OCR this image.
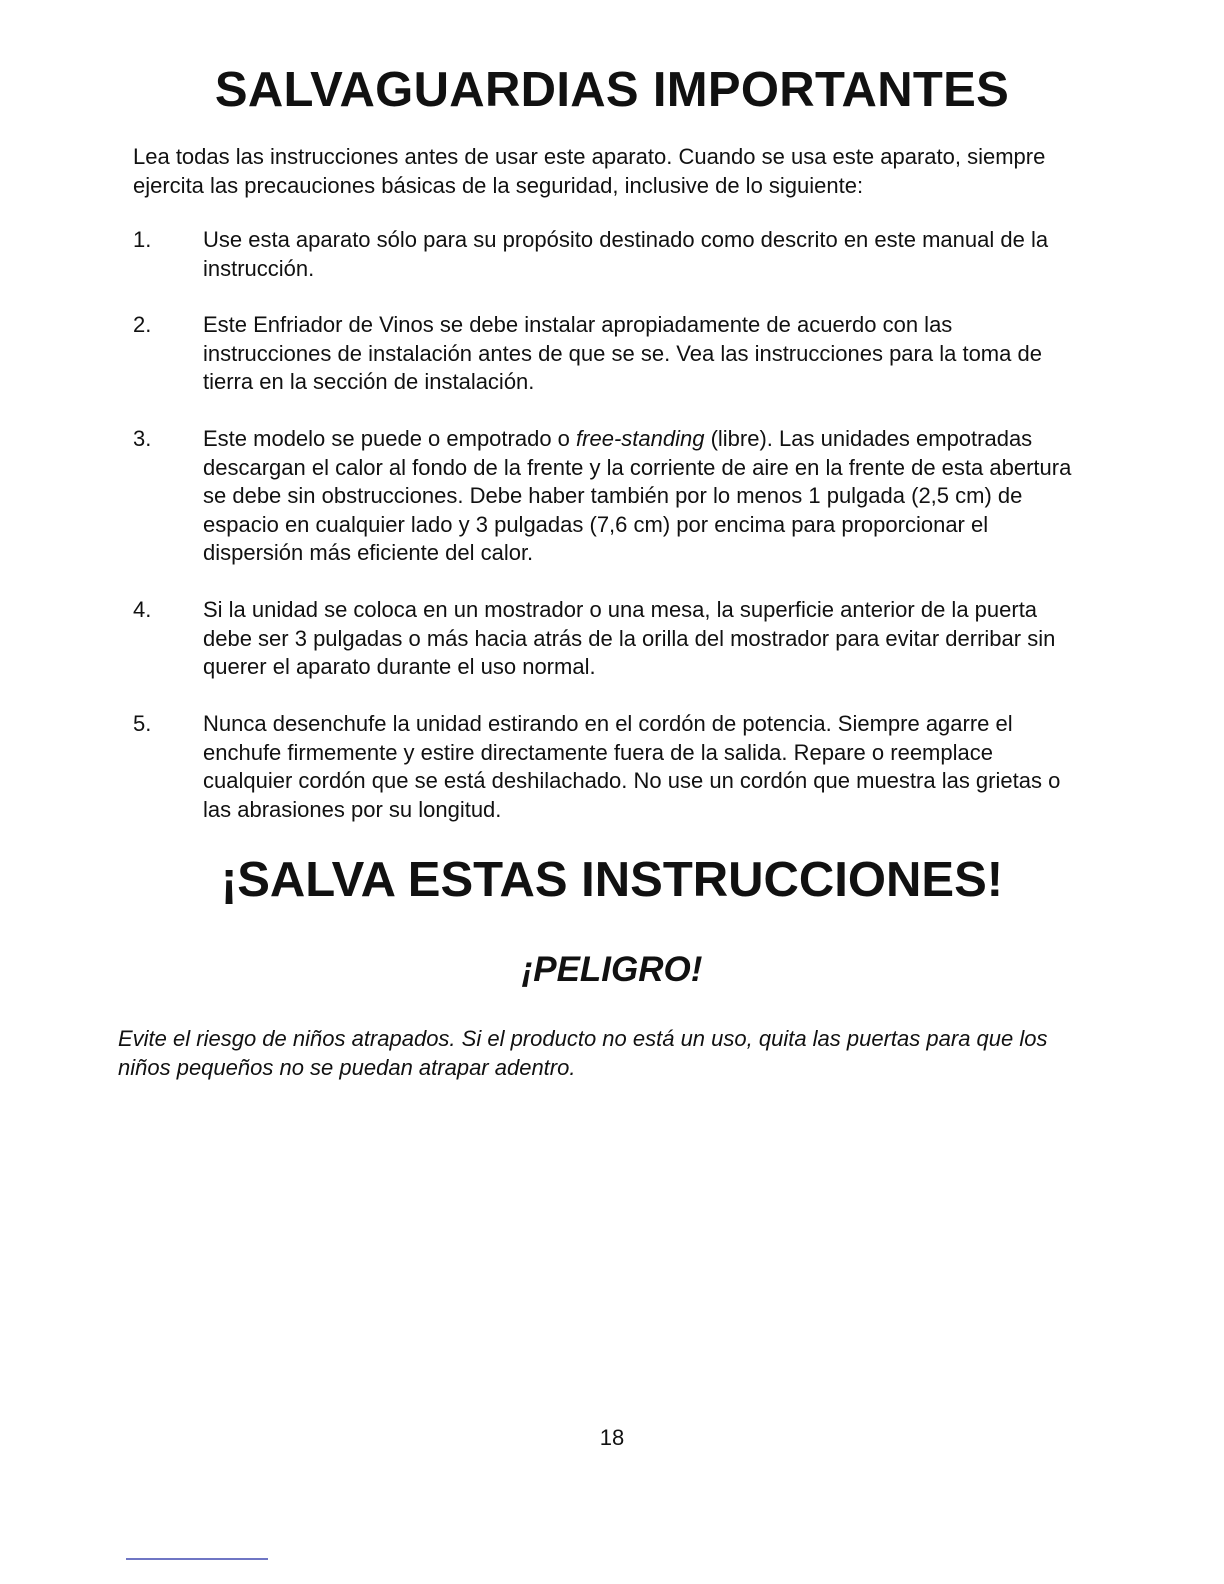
SALVAGUARDIAS IMPORTANTES

Lea todas las instrucciones antes de usar este aparato. Cuando se usa este aparato, siempre ejercita las precauciones básicas de la seguridad, inclusive de lo siguiente:

1. Use esta aparato sólo para su propósito destinado como descrito en este manual de la instrucción.
2. Este Enfriador de Vinos se debe instalar apropiadamente de acuerdo con las instrucciones de instalación antes de que se se. Vea las instrucciones para la toma de tierra en la sección de instalación.
3. Este modelo se puede o empotrado o free-standing (libre). Las unidades empotradas descargan el calor al fondo de la frente y la corriente de aire en la frente de esta abertura se debe sin obstrucciones. Debe haber también por lo menos 1 pulgada (2,5 cm) de espacio en cualquier lado y 3 pulgadas (7,6 cm) por encima para proporcionar el dispersión más eficiente del calor.
4. Si la unidad se coloca en un mostrador o una mesa, la superficie anterior de la puerta debe ser 3 pulgadas o más hacia atrás de la orilla del mostrador para evitar derribar sin querer el aparato durante el uso normal.
5. Nunca desenchufe la unidad estirando en el cordón de potencia. Siempre agarre el enchufe firmemente y estire directamente fuera de la salida. Repare o reemplace cualquier cordón que se está deshilachado. No use un cordón que muestra las grietas o las abrasiones por su longitud.
¡SALVA ESTAS INSTRUCCIONES!
¡PELIGRO!

Evite el riesgo de niños atrapados. Si el producto no está un uso, quita las puertas para que los niños pequeños no se puedan atrapar adentro.

18
